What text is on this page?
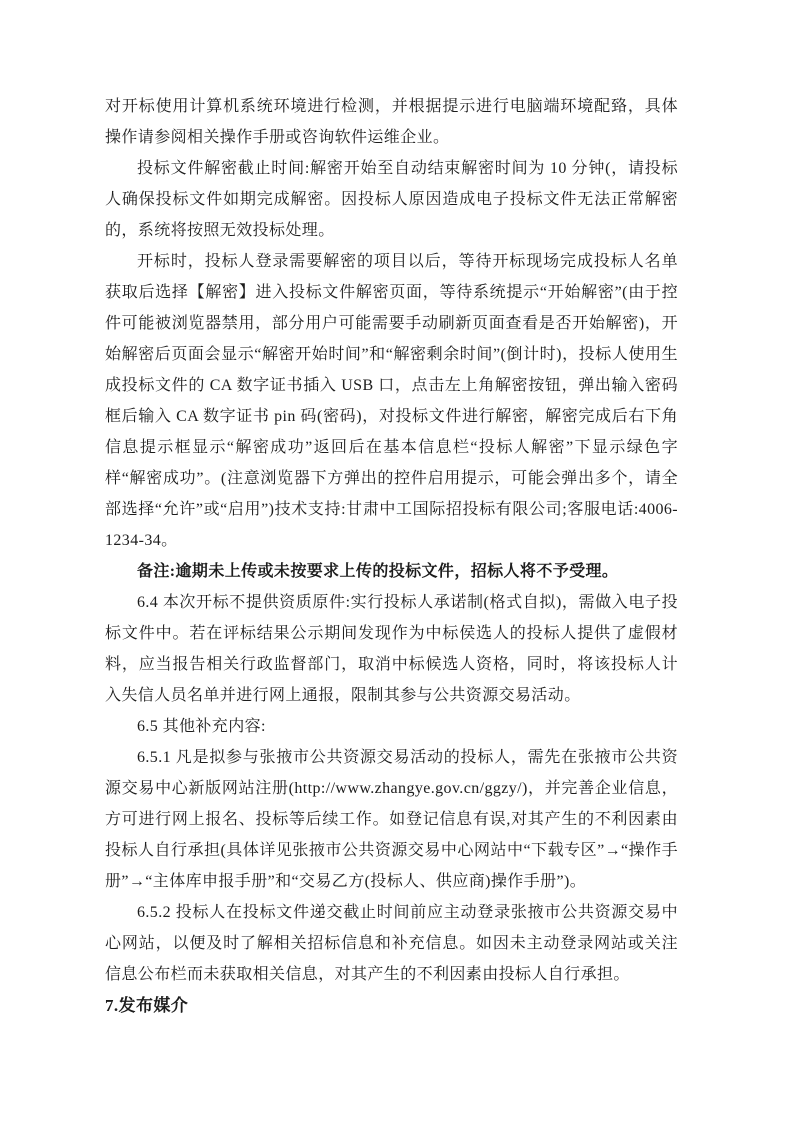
对开标使用计算机系统环境进行检测，并根据提示进行电脑端环境配臵，具体操作请参阅相关操作手册或咨询软件运维企业。

投标文件解密截止时间:解密开始至自动结束解密时间为 10 分钟(，请投标人确保投标文件如期完成解密。因投标人原因造成电子投标文件无法正常解密的，系统将按照无效投标处理。

开标时，投标人登录需要解密的项目以后，等待开标现场完成投标人名单获取后选择【解密】进入投标文件解密页面，等待系统提示“开始解密”(由于控件可能被浏览器禁用，部分用户可能需要手动刷新页面查看是否开始解密)，开始解密后页面会显示“解密开始时间”和“解密剩余时间”(倒计时)，投标人使用生成投标文件的 CA 数字证书插入 USB 口，点击左上角解密按钮，弹出输入密码框后输入 CA 数字证书 pin 码(密码)，对投标文件进行解密，解密完成后右下角信息提示框显示“解密成功”返回后在基本信息栏“投标人解密”下显示绿色字样“解密成功”。(注意浏览器下方弹出的控件启用提示，可能会弹出多个，请全部选择“允许”或“启用”)技术支持:甘肃中工国际招投标有限公司;客服电话:4006-1234-34。

备注:逾期未上传或未按要求上传的投标文件，招标人将不予受理。

6.4 本次开标不提供资质原件:实行投标人承诺制(格式自拟)，需做入电子投标文件中。若在评标结果公示期间发现作为中标侯选人的投标人提供了虚假材料，应当报告相关行政监督部门，取消中标候选人资格，同时，将该投标人计入失信人员名单并进行网上通报，限制其参与公共资源交易活动。

6.5 其他补充内容:

6.5.1 凡是拟参与张掖市公共资源交易活动的投标人，需先在张掖市公共资源交易中心新版网站注册(http://www.zhangye.gov.cn/ggzy/)，并完善企业信息，方可进行网上报名、投标等后续工作。如登记信息有误,对其产生的不利因素由投标人自行承担(具体详见张掖市公共资源交易中心网站中“下载专区”→“操作手册”→“主体库申报手册”和“交易乙方(投标人、供应商)操作手册”)。

6.5.2 投标人在投标文件递交截止时间前应主动登录张掖市公共资源交易中心网站，以便及时了解相关招标信息和补充信息。如因未主动登录网站或关注信息公布栏而未获取相关信息，对其产生的不利因素由投标人自行承担。

7.发布媒介
